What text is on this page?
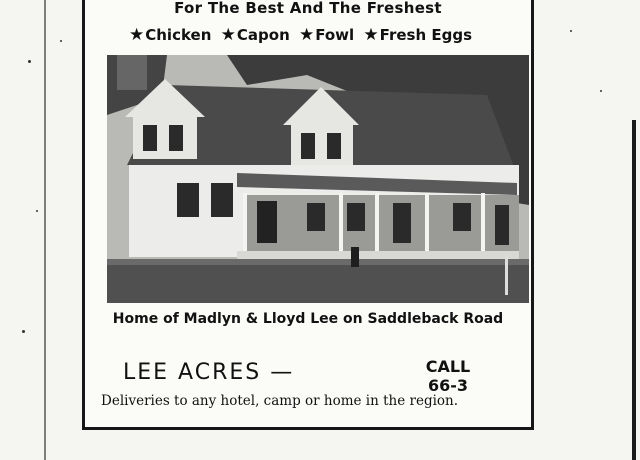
For The Best And The Freshest
★Chicken ★Capon ★Fowl ★Fresh Eggs
Home of Madlyn & Lloyd Lee on Saddleback Road
LEE ACRES —	CALL
66-3
Deliveries to any hotel, camp or home in the region.
